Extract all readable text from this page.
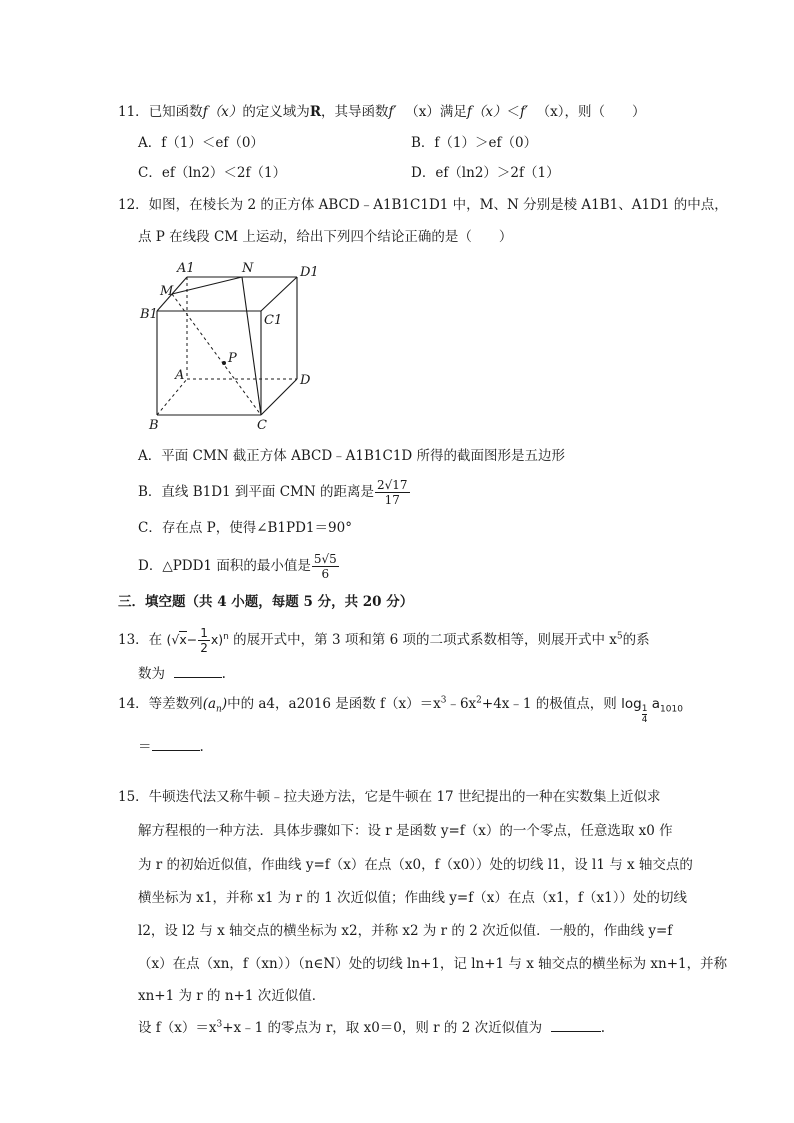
11．已知函数f（x）的定义域为R，其导函数f′ （x）满足f（x）＜f′ （x），则（　　）
A．f（1）＜ef（0）	B．f（1）＞ef（0）
C．ef（ln2）＜2f（1）	D．ef（ln2）＞2f（1）
12．如图，在棱长为 2 的正方体 ABCD﹣A1B1C1D1 中，M、N 分别是棱 A1B1、A1D1 的中点，
点 P 在线段 CM 上运动，给出下列四个结论正确的是（　　）
A1	N	D1
M
B1	C1
P
A	D
B	C
A．平面 CMN 截正方体 ABCD﹣A1B1C1D 所得的截面图形是五边形
B．直线 B1D1 到平面 CMN 的距离是 $\frac{2√17}{17}$
C．存在点 P，使得∠B1PD1＝90°
D．△PDD1 面积的最小值是 $\frac{5√5}{6}$
三．填空题（共 4 小题，每题 5 分，共 20 分）
13．在 $(√x- \frac{1}{2} x)^n$ 的展开式中，第 3 项和第 6 项的二项式系数相等，则展开式中 $x^5$的系
数为	.
14．等差数列$(a_n)$中的 a4，a2016 是函数 $f(x)=x^3﹣6x^2+4x﹣1$ 的极值点，则 $\log \frac{1}{4} a_{1010}$
＝	.
15．牛顿迭代法又称牛顿﹣拉夫逊方法，它是牛顿在 17 世纪提出的一种在实数集上近似求
解方程根的一种方法．具体步骤如下：设 r 是函数 y=f（x）的一个零点，任意选取 x0 作
为 r 的初始近似值，作曲线 y=f（x）在点（x0，f（x0））处的切线 l1，设 l1 与 x 轴交点的
横坐标为 x1，并称 x1 为 r 的 1 次近似值；作曲线 y=f（x）在点（x1，f（x1））处的切线
l2，设 l2 与 x 轴交点的横坐标为 x2，并称 x2 为 r 的 2 次近似值．一般的，作曲线 y=f
（x）在点（xn，f（xn））（n∈N）处的切线 ln+1，记 ln+1 与 x 轴交点的横坐标为 xn+1，并称
xn+1 为 r 的 n+1 次近似值．
设 $f(x)=x^3+x﹣1$ 的零点为 r，取 x0＝0，则 r 的 2 次近似值为	.
